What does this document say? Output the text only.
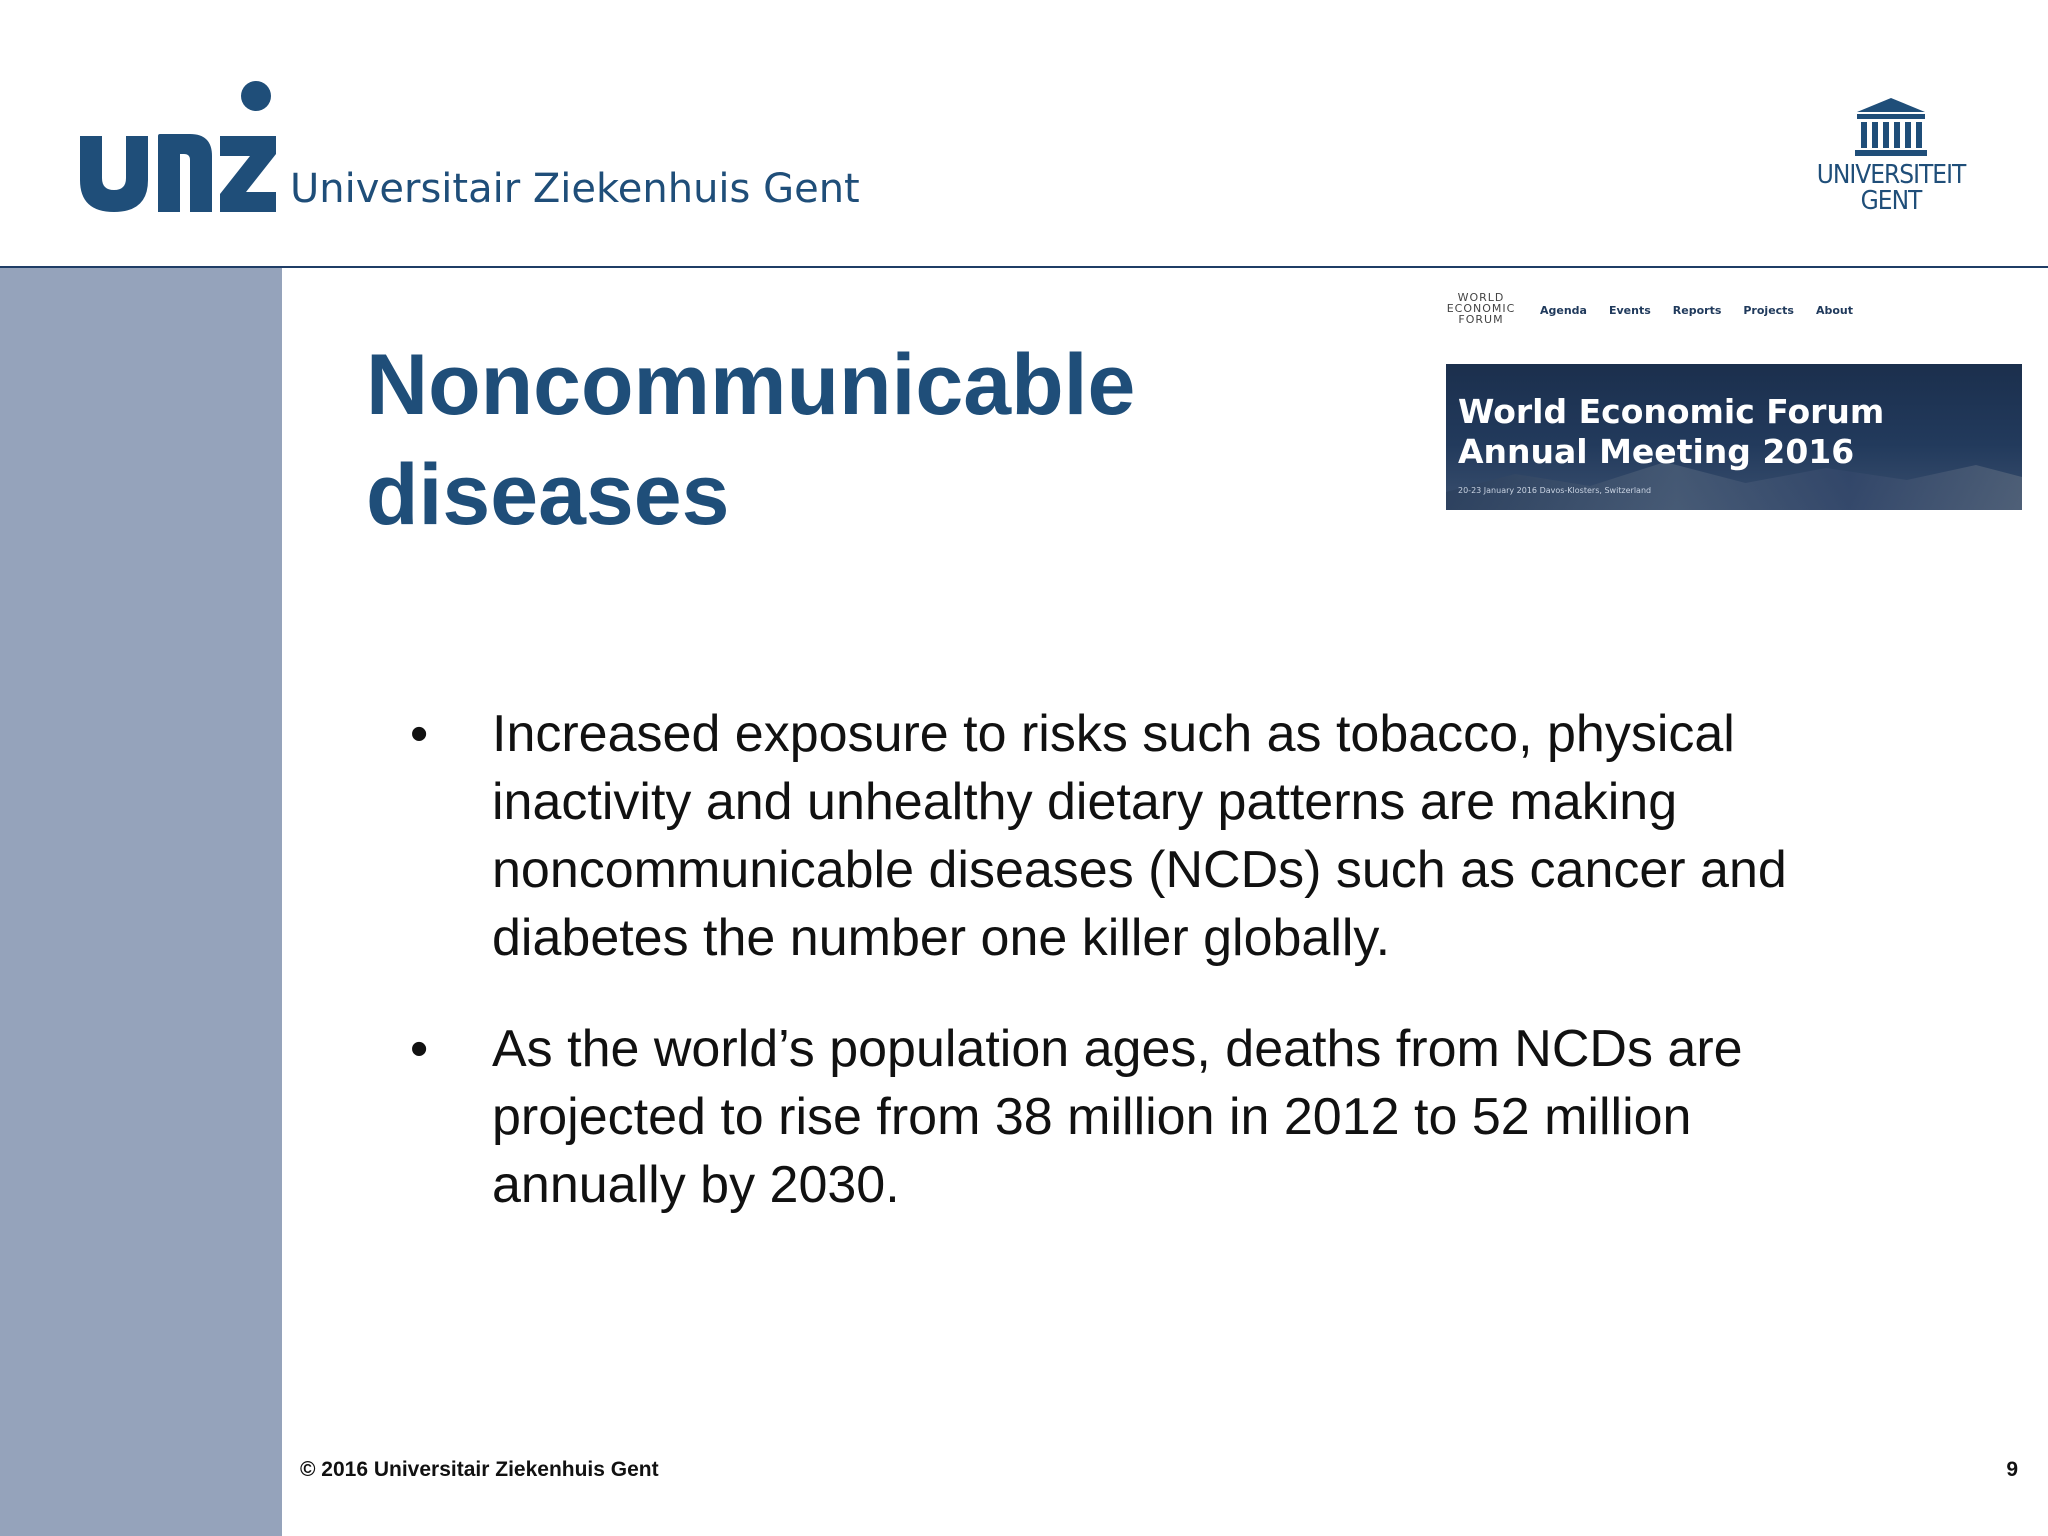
Universitair Ziekenhuis Gent	UNIVERSITEIT
GENT
Noncommunicable
diseases
WORLD
ECONOMIC
FORUM
Agenda Events Reports Projects About
World Economic Forum Annual Meeting 2016
20-23 January 2016 Davos-Klosters, Switzerland
• Increased exposure to risks such as tobacco, physical inactivity and unhealthy dietary patterns are making noncommunicable diseases (NCDs) such as cancer and diabetes the number one killer globally.
• As the world’s population ages, deaths from NCDs are projected to rise from 38 million in 2012 to 52 million annually by 2030.
© 2016 Universitair Ziekenhuis Gent	9
